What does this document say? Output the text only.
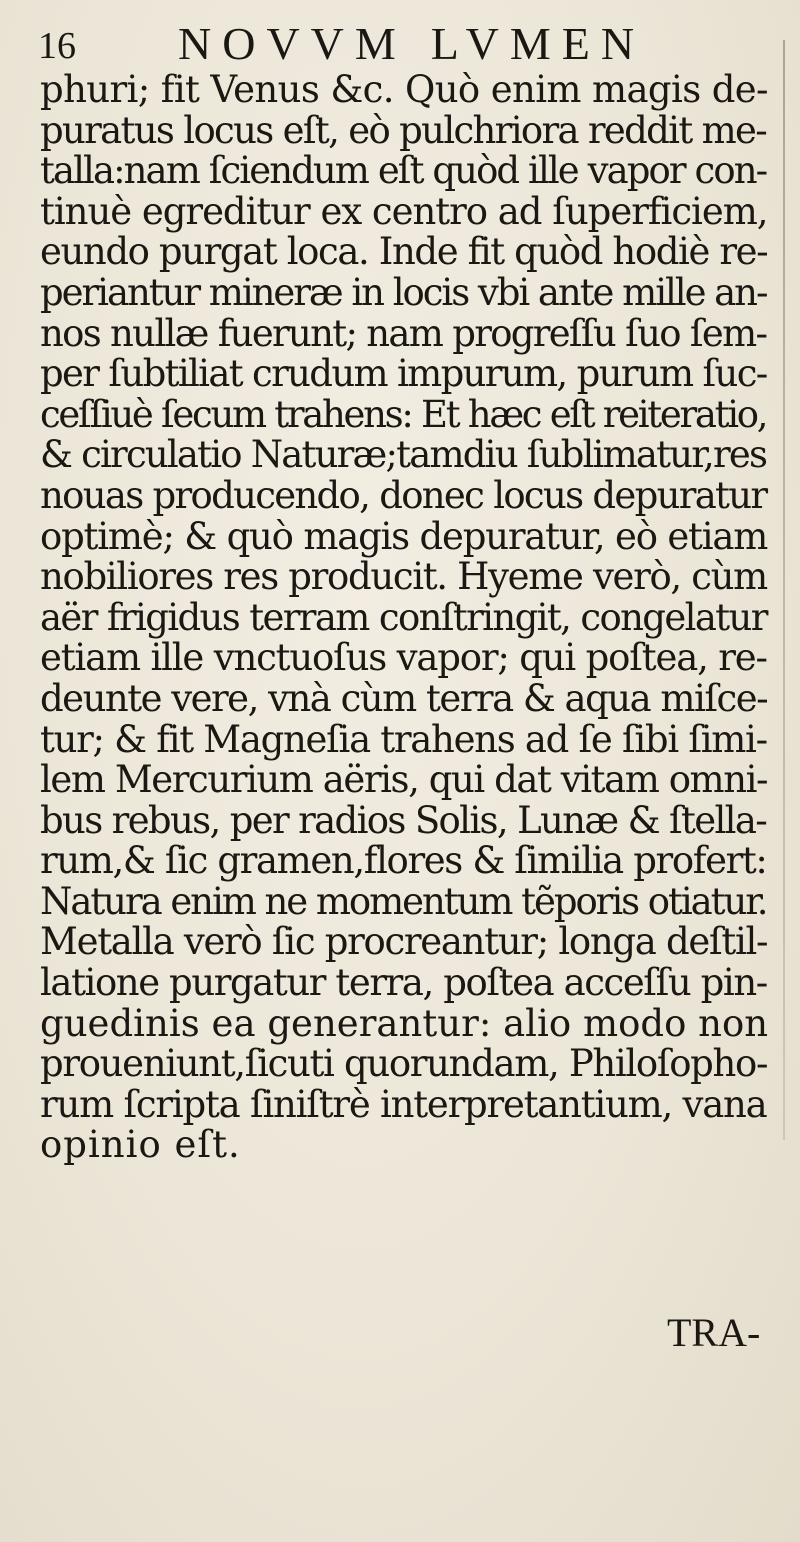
16 NOVVM LVMEN
phuri; fit Venus &c. Quò enim magis de-
puratus locus eſt, eò pulchriora reddit me-
talla:nam ſciendum eſt quòd ille vapor con-
tinuè egreditur ex centro ad ſuperficiem,
eundo purgat loca. Inde fit quòd hodiè re-
periantur mineræ in locis vbi ante mille an-
nos nullæ fuerunt; nam progreſſu ſuo ſem-
per ſubtiliat crudum impurum, purum ſuc-
ceſſiuè ſecum trahens: Et hæc eſt reiteratio,
& circulatio Naturæ;tamdiu ſublimatur,res
nouas producendo, donec locus depuratur
optimè; & quò magis depuratur, eò etiam
nobiliores res producit. Hyeme verò, cùm
aër frigidus terram conſtringit, congelatur
etiam ille vnctuoſus vapor; qui poſtea, re-
deunte vere, vnà cùm terra & aqua miſce-
tur; & fit Magneſia trahens ad ſe ſibi ſimi-
lem Mercurium aëris, qui dat vitam omni-
bus rebus, per radios Solis, Lunæ & ſtella-
rum,& ſic gramen,flores & ſimilia profert:
Natura enim ne momentum tẽporis otiatur.
Metalla verò ſic procreantur; longa deſtil-
latione purgatur terra, poſtea acceſſu pin-
guedinis ea generantur: alio modo non
proueniunt,ſicuti quorundam, Philoſopho-
rum ſcripta ſiniſtrè interpretantium, vana
opinio eſt.
TRA-
